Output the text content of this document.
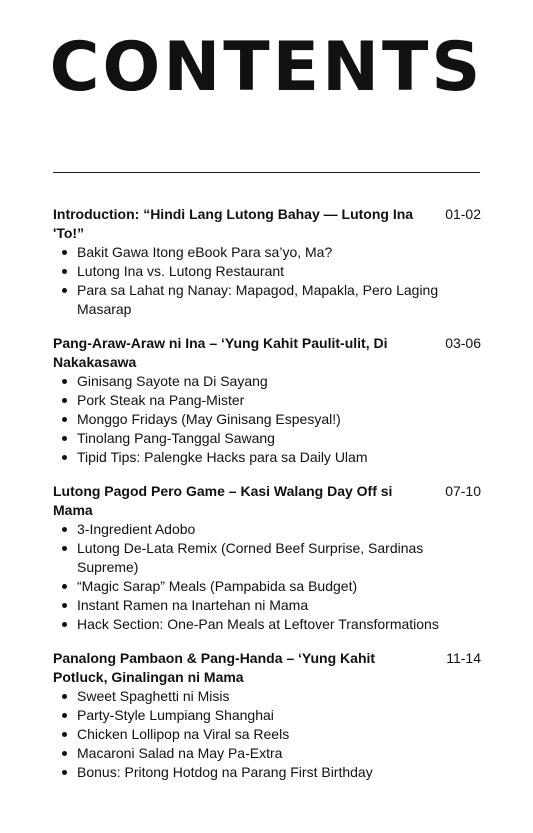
CONTENTS
Introduction: “Hindi Lang Lutong Bahay — Lutong Ina 'To!”
01-02
Bakit Gawa Itong eBook Para sa’yo, Ma?
Lutong Ina vs. Lutong Restaurant
Para sa Lahat ng Nanay: Mapagod, Mapakla, Pero Laging Masarap
Pang-Araw-Araw ni Ina – ‘Yung Kahit Paulit-ulit, Di Nakakasawa
03-06
Ginisang Sayote na Di Sayang
Pork Steak na Pang-Mister
Monggo Fridays (May Ginisang Espesyal!)
Tinolang Pang-Tanggal Sawang
Tipid Tips: Palengke Hacks para sa Daily Ulam
Lutong Pagod Pero Game – Kasi Walang Day Off si Mama
07-10
3-Ingredient Adobo
Lutong De-Lata Remix (Corned Beef Surprise, Sardinas Supreme)
“Magic Sarap” Meals (Pampabida sa Budget)
Instant Ramen na Inartehan ni Mama
Hack Section: One-Pan Meals at Leftover Transformations
Panalong Pambaon & Pang-Handa – ‘Yung Kahit Potluck, Ginalingan ni Mama
11-14
Sweet Spaghetti ni Misis
Party-Style Lumpiang Shanghai
Chicken Lollipop na Viral sa Reels
Macaroni Salad na May Pa-Extra
Bonus: Pritong Hotdog na Parang First Birthday
